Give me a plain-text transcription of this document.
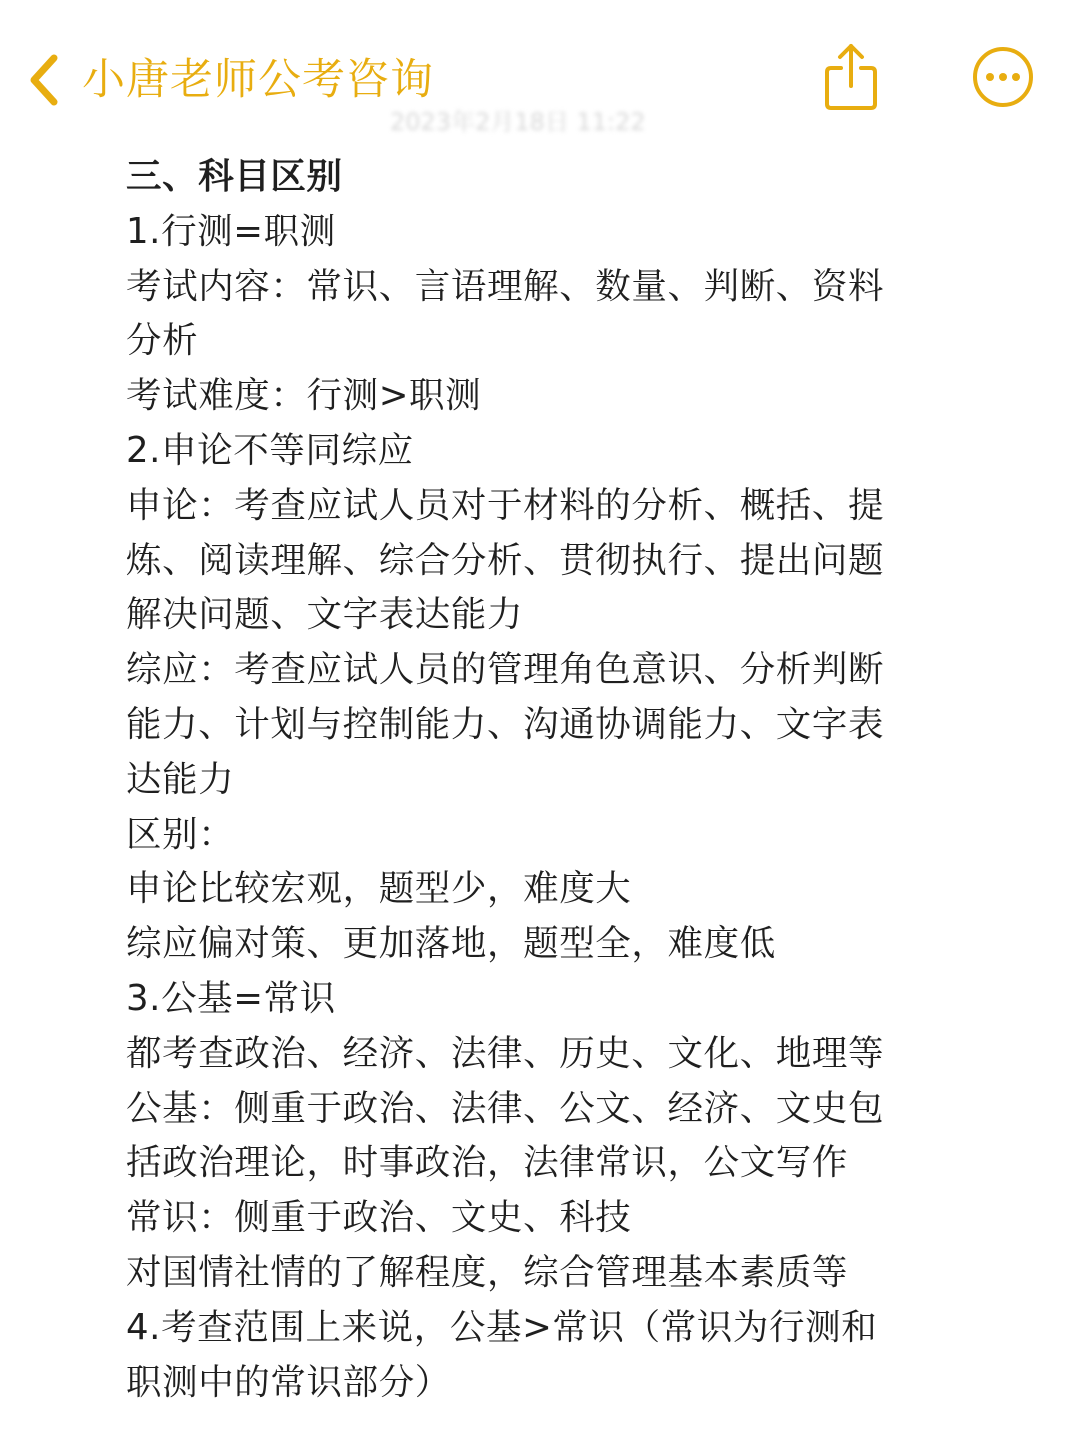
小唐老师公考咨询
2023年2月18日 11:22
三、科目区别
1.行测=职测
考试内容：常识、言语理解、数量、判断、资料
分析
考试难度：行测>职测
2.申论不等同综应
申论：考查应试人员对于材料的分析、概括、提
炼、阅读理解、综合分析、贯彻执行、提出问题
解决问题、文字表达能力
综应：考查应试人员的管理角色意识、分析判断
能力、计划与控制能力、沟通协调能力、文字表
达能力
区别：
申论比较宏观，题型少，难度大
综应偏对策、更加落地，题型全，难度低
3.公基=常识
都考查政治、经济、法律、历史、文化、地理等
公基：侧重于政治、法律、公文、经济、文史包
括政治理论，时事政治，法律常识，公文写作
常识：侧重于政治、文史、科技
对国情社情的了解程度，综合管理基本素质等
4.考查范围上来说，公基>常识（常识为行测和
职测中的常识部分）
